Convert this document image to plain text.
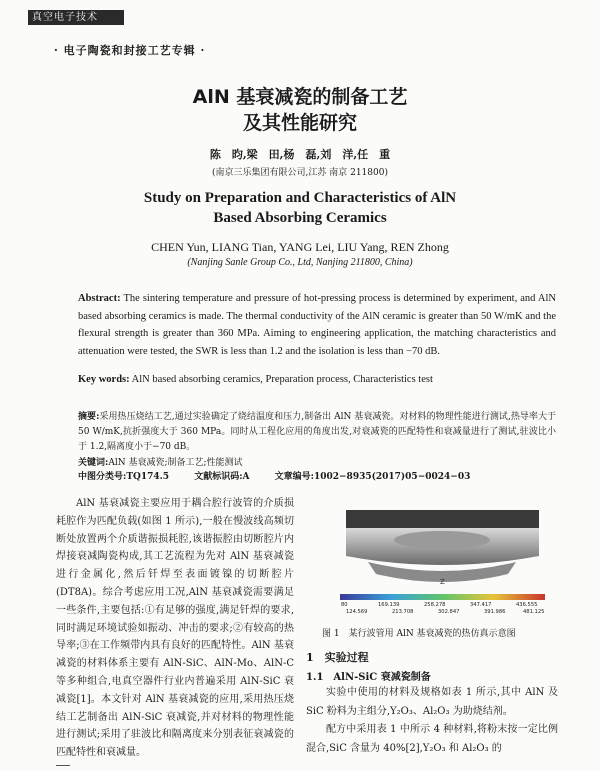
真空电子技术
· 电子陶瓷和封接工艺专辑 ·
AlN 基衰减瓷的制备工艺
及其性能研究
陈　昀,梁　田,杨　磊,刘　洋,任　重
(南京三乐集团有限公司,江苏 南京 211800)
Study on Preparation and Characteristics of AlN
Based Absorbing Ceramics
CHEN Yun, LIANG Tian, YANG Lei, LIU Yang, REN Zhong
(Nanjing Sanle Group Co., Ltd, Nanjing 211800, China)
Abstract: The sintering temperature and pressure of hot-pressing process is determined by experiment, and AlN based absorbing ceramics is made. The thermal conductivity of the AlN ceramic is greater than 50 W/mK and the flexural strength is greater than 360 MPa. Aiming to engineering application, the matching characteristics and attenuation were tested, the SWR is less than 1.2 and the isolation is less than −70 dB.
Key words: AlN based absorbing ceramics, Preparation process, Characteristics test
摘要:采用热压烧结工艺,通过实验确定了烧结温度和压力,制备出 AlN 基衰减瓷。对材料的物理性能进行测试,热导率大于 50 W/mK,抗折强度大于 360 MPa。同时从工程化应用的角度出发,对衰减瓷的匹配特性和衰减量进行了测试,驻波比小于 1.2,隔离度小于−70 dB。
关键词:AlN 基衰减瓷;制备工艺;性能测试
中图分类号:TQ174.5	文献标识码:A	文章编号:1002−8935(2017)05−0024−03
AlN 基衰减瓷主要应用于耦合腔行波管的介质损耗腔作为匹配负载(如图 1 所示),一般在慢波线高频切断处放置两个介质谐振损耗腔,该谐振腔由切断腔片内焊接衰减陶瓷构成,其工艺流程为先对 AlN 基衰减瓷进行金属化,然后钎焊至表面镀镍的切断腔片(DT8A)。综合考虑应用工况,AlN 基衰减瓷需要满足一些条件,主要包括:①有足够的强度,满足钎焊的要求,同时满足环境试验如振动、冲击的要求;②有较高的热导率;③在工作频带内具有良好的匹配特性。AlN 基衰减瓷的材料体系主要有 AlN-SiC、AlN-Mo、AlN-C 等多种组合,电真空器件行业内普遍采用 AlN-SiC 衰减瓷[1]。本文针对 AlN 基衰减瓷的应用,采用热压烧结工艺制备出 AlN-SiC 衰减瓷,并对材料的物理性能进行测试;采用了驻波比和隔离度来分别表征衰减瓷的匹配特性和衰减量。
Z
80	169.139	258.278	347.417	436.555
124.569	213.708	302.847	391.986	481.125
图 1　某行波管用 AlN 基衰减瓷的热仿真示意图
1　实验过程
1.1　AlN-SiC 衰减瓷制备

实验中使用的材料及规格如表 1 所示,其中 AlN 及 SiC 粉料为主组分,Y₂O₃、Al₂O₃ 为助烧结剂。

配方中采用表 1 中所示 4 种材料,将粉末按一定比例混合,SiC 含量为 40%[2],Y₂O₃ 和 Al₂O₃ 的
